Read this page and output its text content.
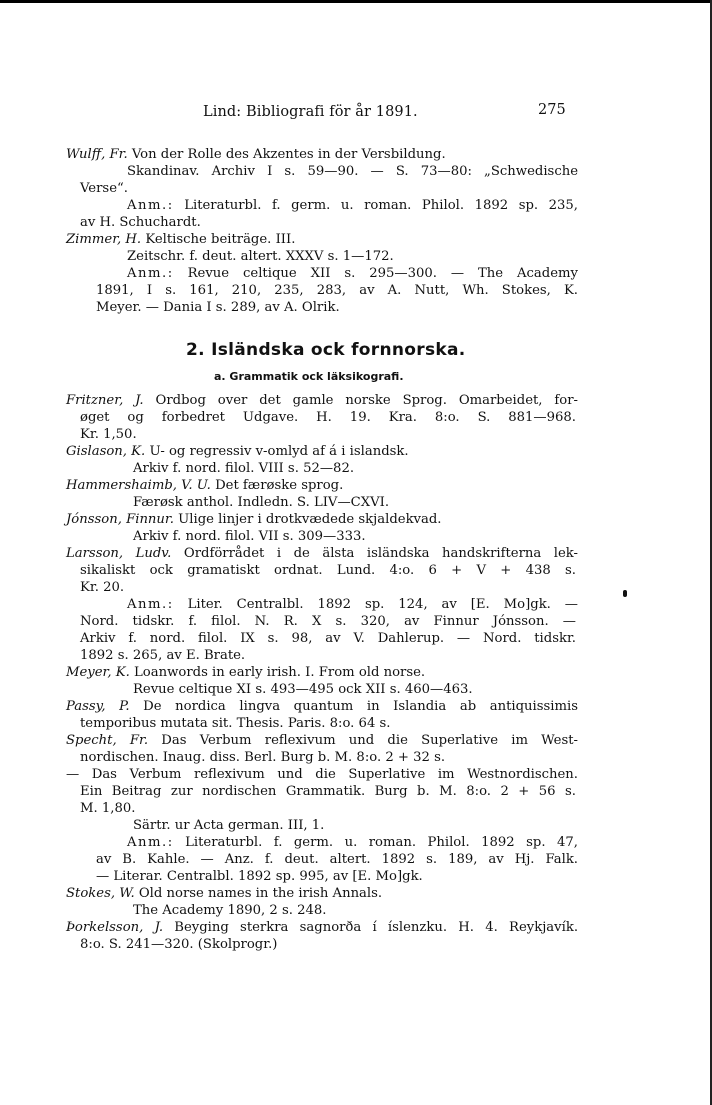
Lind: Bibliografi för år 1891.	275
Wulff, Fr. Von der Rolle des Akzentes in der Versbildung.
Skandinav. Archiv I s. 59—90. — S. 73—80: „Schwedische
Verse“.
Anm.: Literaturbl. f. germ. u. roman. Philol. 1892 sp. 235,
av H. Schuchardt.
Zimmer, H. Keltische beiträge. III.
Zeitschr. f. deut. altert. XXXV s. 1—172.
Anm.: Revue celtique XII s. 295—300. — The Academy
1891, I s. 161, 210, 235, 283, av A. Nutt, Wh. Stokes, K.
Meyer. — Dania I s. 289, av A. Olrik.
2. Isländska ock fornnorska.
a. Grammatik ock läksikografi.
Fritzner, J. Ordbog over det gamle norske Sprog. Omarbeidet, for-
øget og forbedret Udgave. H. 19. Kra. 8:o. S. 881—968.
Kr. 1,50.
Gislason, K. U- og regressiv v-omlyd af á i islandsk.
Arkiv f. nord. filol. VIII s. 52—82.
Hammershaimb, V. U. Det færøske sprog.
Færøsk anthol. Indledn. S. LIV—CXVI.
Jónsson, Finnur. Ulige linjer i drotkvædede skjaldekvad.
Arkiv f. nord. filol. VII s. 309—333.
Larsson, Ludv. Ordförrådet i de älsta isländska handskrifterna lek-
sikaliskt ock gramatiskt ordnat. Lund. 4:o. 6 + V + 438 s.
Kr. 20.
Anm.: Liter. Centralbl. 1892 sp. 124, av [E. Mo]gk. —
Nord. tidskr. f. filol. N. R. X s. 320, av Finnur Jónsson. —
Arkiv f. nord. filol. IX s. 98, av V. Dahlerup. — Nord. tidskr.
1892 s. 265, av E. Brate.
Meyer, K. Loanwords in early irish. I. From old norse.
Revue celtique XI s. 493—495 ock XII s. 460—463.
Passy, P. De nordica lingva quantum in Islandia ab antiquissimis
temporibus mutata sit. Thesis. Paris. 8:o. 64 s.
Specht, Fr. Das Verbum reflexivum und die Superlative im West-
nordischen. Inaug. diss. Berl. Burg b. M. 8:o. 2 + 32 s.
— Das Verbum reflexivum und die Superlative im Westnordischen.
Ein Beitrag zur nordischen Grammatik. Burg b. M. 8:o. 2 + 56 s.
M. 1,80.
Särtr. ur Acta german. III, 1.
Anm.: Literaturbl. f. germ. u. roman. Philol. 1892 sp. 47,
av B. Kahle. — Anz. f. deut. altert. 1892 s. 189, av Hj. Falk.
— Literar. Centralbl. 1892 sp. 995, av [E. Mo]gk.
Stokes, W. Old norse names in the irish Annals.
The Academy 1890, 2 s. 248.
Þorkelsson, J. Beyging sterkra sagnorða í íslenzku. H. 4. Reykjavík.
8:o. S. 241—320. (Skolprogr.)
